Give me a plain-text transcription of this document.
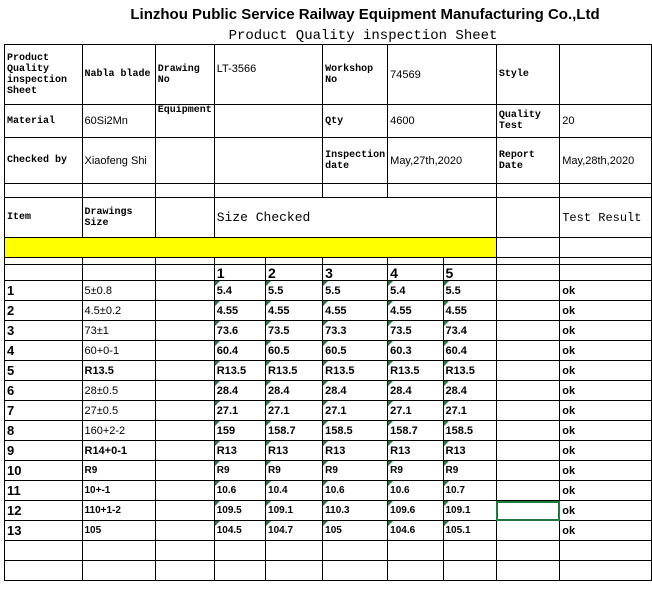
Linzhou Public Service Railway Equipment Manufacturing Co.,Ltd
Product Quality inspection Sheet
Product Quality inspection Sheet	Nabla blade	Drawing No	LT-3566		Workshop No	74569		Style	
Material	60Si2Mn	Equipment			Qty	4600		Quality Test	20
Checked by	Xiaofeng Shi				Inspection date	May,27th,2020		Report Date	May,28th,2020

Item	Drawings Size		Size Checked						Test Result

			1	2	3	4	5		
1	5±0.8		5.4	5.5	5.5	5.4	5.5		ok
2	4.5±0.2		4.55	4.55	4.55	4.55	4.55		ok
3	73±1		73.6	73.5	73.3	73.5	73.4		ok
4	60+0-1		60.4	60.5	60.5	60.3	60.4		ok
5	R13.5		R13.5	R13.5	R13.5	R13.5	R13.5		ok
6	28±0.5		28.4	28.4	28.4	28.4	28.4		ok
7	27±0.5		27.1	27.1	27.1	27.1	27.1		ok
8	160+2-2		159	158.7	158.5	158.7	158.5		ok
9	R14+0-1		R13	R13	R13	R13	R13		ok
10	R9		R9	R9	R9	R9	R9		ok
11	10+-1		10.6	10.4	10.6	10.6	10.7		ok
12	110+1-2		109.5	109.1	110.3	109.6	109.1		ok
13	105		104.5	104.7	105	104.6	105.1		ok
